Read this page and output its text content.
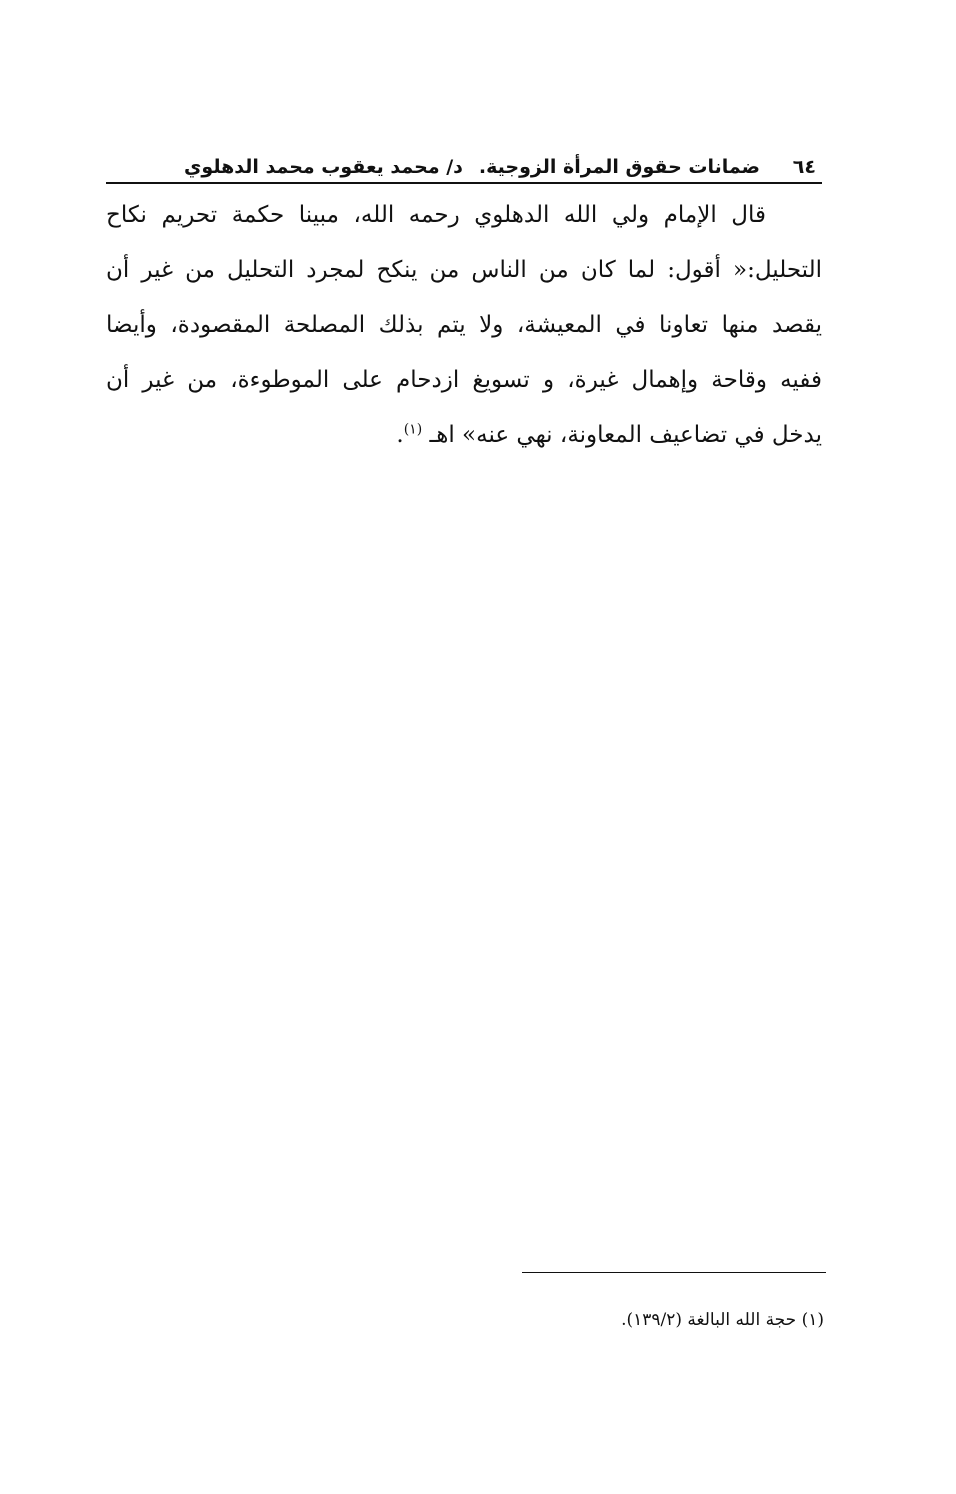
٦٤
ضمانات حقوق المرأة الزوجية.
د/ محمد يعقوب محمد الدهلوي
قال الإمام ولي الله الدهلوي رحمه الله، مبينا حكمة تحريم نكاح
التحليل:« أقول: لما كان من الناس من ينكح لمجرد التحليل من غير أن
يقصد منها تعاونا في المعيشة، ولا يتم بذلك المصلحة المقصودة، وأيضا
ففيه وقاحة وإهمال غيرة، و تسويغ ازدحام على الموطوءة، من غير أن
يدخل في تضاعيف المعاونة، نهي عنه» اهـ $^{(١)}$.
(١) حجة الله البالغة (١٣٩/٢).
